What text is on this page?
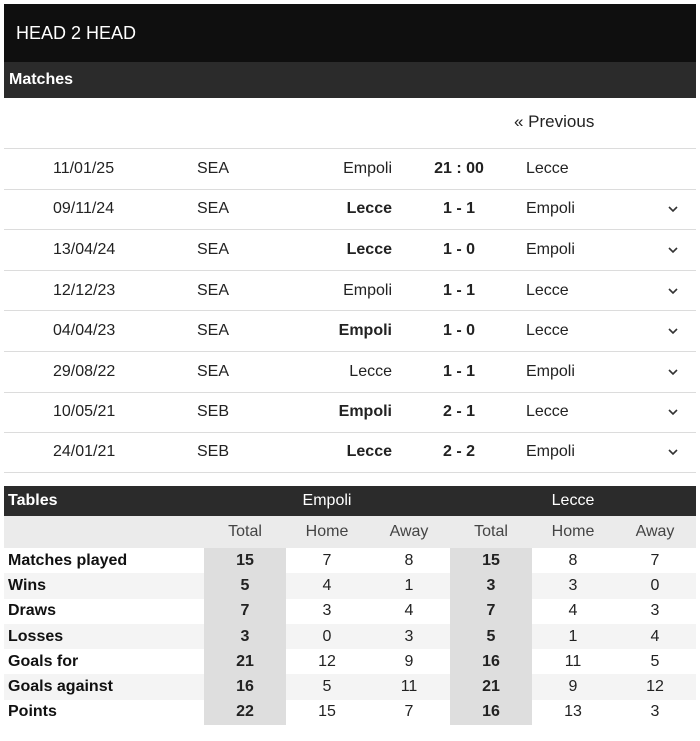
HEAD 2 HEAD
Matches
« Previous
11/01/25	SEA	Empoli	21 : 00	Lecce
09/11/24	SEA	Lecce	1 - 1	Empoli
13/04/24	SEA	Lecce	1 - 0	Empoli
12/12/23	SEA	Empoli	1 - 1	Lecce
04/04/23	SEA	Empoli	1 - 0	Lecce
29/08/22	SEA	Lecce	1 - 1	Empoli
10/05/21	SEB	Empoli	2 - 1	Lecce
24/01/21	SEB	Lecce	2 - 2	Empoli
Tables	Empoli	Lecce
Total	Home	Away	Total	Home	Away
Matches played	15	7	8	15	8	7
Wins	5	4	1	3	3	0
Draws	7	3	4	7	4	3
Losses	3	0	3	5	1	4
Goals for	21	12	9	16	11	5
Goals against	16	5	11	21	9	12
Points	22	15	7	16	13	3
